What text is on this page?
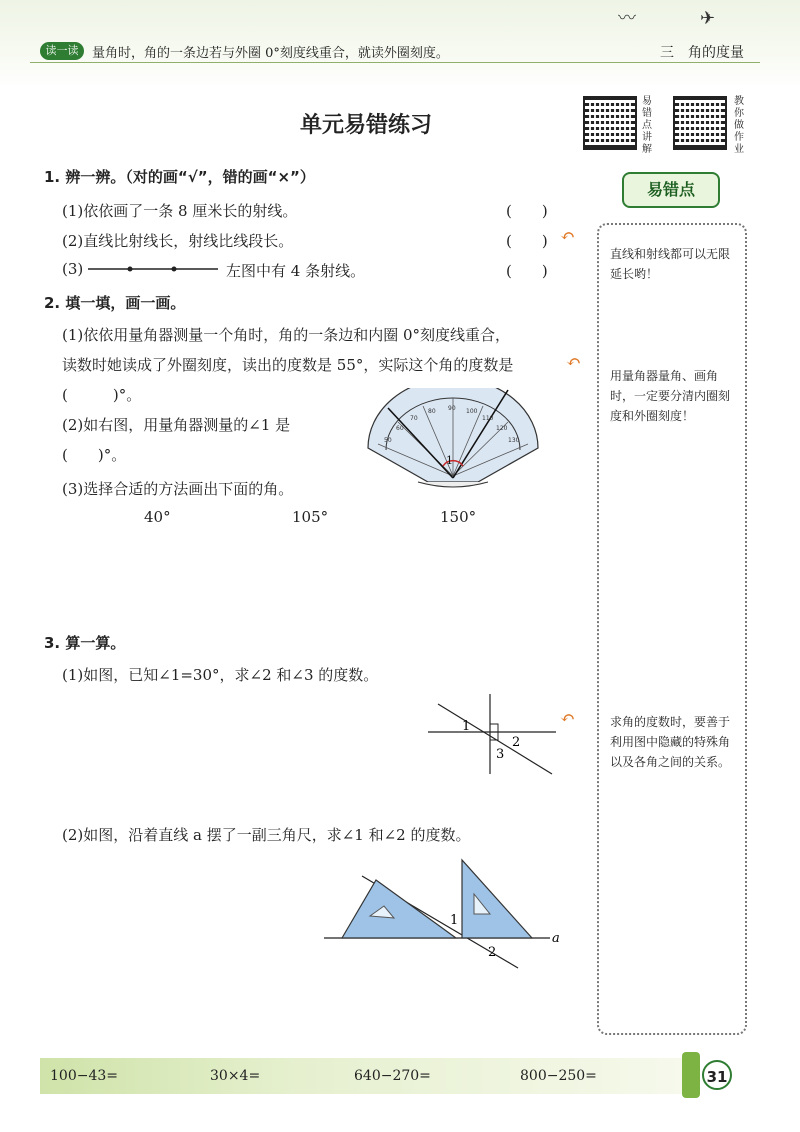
〰	✈
读一读	量角时，角的一条边若与外圈 0°刻度线重合，就读外圈刻度。	三　角的度量
单元易错练习
易错点讲解
教你做作业
1. 辨一辨。（对的画“√”，错的画“×”）
(1)依依画了一条 8 厘米长的射线。	(　　)
(2)直线比射线长，射线比线段长。	(　　)
(3)	左图中有 4 条射线。	(　　)
2. 填一填，画一画。
(1)依依用量角器测量一个角时，角的一条边和内圈 0°刻度线重合，
读数时她读成了外圈刻度，读出的度数是 55°，实际这个角的度数是
(　　　)°。
(2)如右图，用量角器测量的∠1 是
(　　)°。
(3)选择合适的方法画出下面的角。
40°	105°	150°
1
90
80
70
60
50
100
110
120
130
3. 算一算。
(1)如图，已知∠1=30°，求∠2 和∠3 的度数。
1
2
3
(2)如图，沿着直线 a 摆了一副三角尺，求∠1 和∠2 的度数。
1
2
a
易错点
↶
直线和射线都可以无限延长哟！
↶
用量角器量角、画角时，一定要分清内圈刻度和外圈刻度！
↶	求角的度数时，要善于利用图中隐藏的特殊角以及各角之间的关系。
100−43=	30×4=	640−270=	800−250=	31
